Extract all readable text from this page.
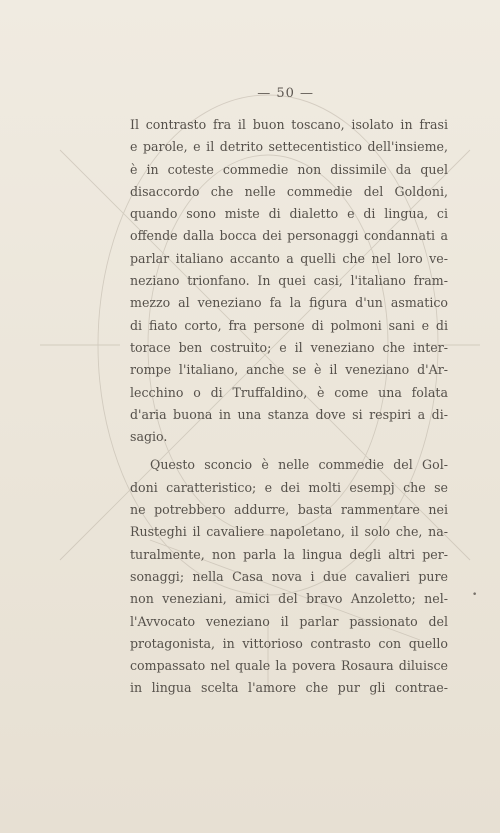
— 50 —
Il contrasto fra il buon toscano, isolato in frasi
e parole, e il detrito settecentistico dell'insieme,
è in coteste commedie non dissimile da quel
disaccordo che nelle commedie del Goldoni,
quando sono miste di dialetto e di lingua, ci
offende dalla bocca dei personaggi condannati a
parlar italiano accanto a quelli che nel loro ve-
neziano trionfano. In quei casi, l'italiano fram-
mezzo al veneziano fa la figura d'un asmatico
di fiato corto, fra persone di polmoni sani e di
torace ben costruito; e il veneziano che inter-
rompe l'italiano, anche se è il veneziano d'Ar-
lecchino o di Truffaldino, è come una folata
d'aria buona in una stanza dove si respiri a di-
sagio.
Questo sconcio è nelle commedie del Gol-
doni caratteristico; e dei molti esempj che se
ne potrebbero addurre, basta rammentare nei
Rusteghi il cavaliere napoletano, il solo che, na-
turalmente, non parla la lingua degli altri per-
sonaggi; nella Casa nova i due cavalieri pure
non veneziani, amici del bravo Anzoletto; nel-
l'Avvocato veneziano il parlar passionato del
protagonista, in vittorioso contrasto con quello
compassato nel quale la povera Rosaura diluisce
in lingua scelta l'amore che pur gli contrae-
•
